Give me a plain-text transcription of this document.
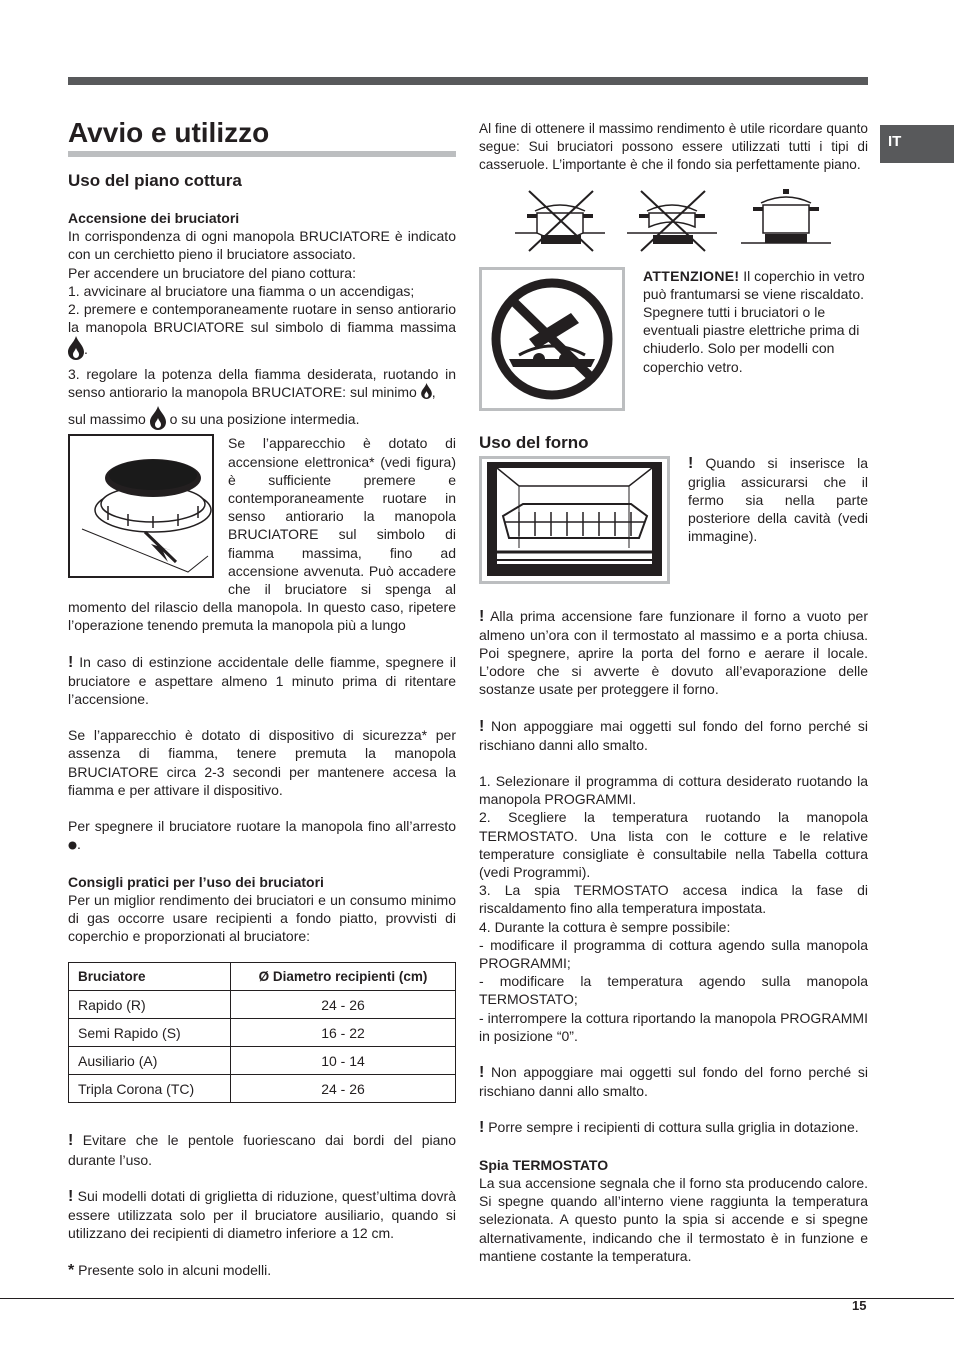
IT
Avvio e utilizzo
Uso del piano cottura

Accensione dei bruciatori

In corrispondenza di ogni manopola BRUCIATORE è indicato con un cerchietto pieno il bruciatore associato.

Per accendere un bruciatore del piano cottura:

1. avvicinare al bruciatore una fiamma o un accendigas;

2. premere e contemporaneamente ruotare in senso antiorario la manopola BRUCIATORE sul simbolo di fiamma massima .

3. regolare la potenza della fiamma desiderata, ruotando in senso antiorario la manopola BRUCIATORE: sul minimo ,

sul massimo o su una posizione intermedia.

Se l’apparecchio è dotato di accensione elettronica* (vedi figura) è sufficiente premere e contemporaneamente ruotare in senso antiorario la manopola BRUCIATORE sul simbolo di fiamma massima, fino ad accensione avvenuta. Può accadere che il bruciatore si spenga al momento del rilascio della manopola. In questo caso, ripetere l’operazione tenendo premuta la manopola più a lungo

! In caso di estinzione accidentale delle fiamme, spegnere il bruciatore e aspettare almeno 1 minuto prima di ritentare l’accensione.

Se l’apparecchio è dotato di dispositivo di sicurezza* per assenza di fiamma, tenere premuta la manopola BRUCIATORE circa 2-3 secondi per mantenere accesa la fiamma e per attivare il dispositivo.

Per spegnere il bruciatore ruotare la manopola fino all’arresto .

Consigli pratici per l’uso dei bruciatori

Per un miglior rendimento dei bruciatori e un consumo minimo di gas occorre usare recipienti a fondo piatto, provvisti di coperchio e proporzionati al bruciatore:

Bruciatore	Ø Diametro recipienti (cm)
Rapido (R)	24 - 26
Semi Rapido (S)	16 - 22
Ausiliario (A)	10 - 14
Tripla Corona (TC)	24 - 26

! Evitare che le pentole fuoriescano dai bordi del piano durante l’uso.

! Sui modelli dotati di griglietta di riduzione, quest’ultima dovrà essere utilizzata solo per il bruciatore ausiliario, quando si utilizzano dei recipienti di diametro inferiore a 12 cm.

* Presente solo in alcuni modelli.

Al fine di ottenere il massimo rendimento è utile ricordare quanto segue: Sui bruciatori possono essere utilizzati tutti i tipi di casseruole. L’importante è che il fondo sia perfettamente piano.

ATTENZIONE! Il coperchio in vetro può frantumarsi se viene riscaldato. Spegnere tutti i bruciatori o le eventuali piastre elettriche prima di chiuderlo. Solo per modelli con coperchio vetro.

Uso del forno

! Quando si inserisce la griglia assicurarsi che il fermo sia nella parte posteriore della cavità (vedi immagine).

! Alla prima accensione fare funzionare il forno a vuoto per almeno un’ora con il termostato al massimo e a porta chiusa. Poi spegnere, aprire la porta del forno e aerare il locale. L’odore che si avverte è dovuto all’evaporazione delle sostanze usate per proteggere il forno.

! Non appoggiare mai oggetti sul fondo del forno perché si rischiano danni allo smalto.

1. Selezionare il programma di cottura desiderato ruotando la manopola PROGRAMMI.

2. Scegliere la temperatura ruotando la manopola TERMOSTATO. Una lista con le cotture e le relative temperature consigliate è consultabile nella Tabella cottura (vedi Programmi).

3. La spia TERMOSTATO accesa indica la fase di riscaldamento fino alla temperatura impostata.

4. Durante la cottura è sempre possibile:

- modificare il programma di cottura agendo sulla manopola PROGRAMMI;

- modificare la temperatura agendo sulla manopola TERMOSTATO;

- interrompere la cottura riportando la manopola PROGRAMMI in posizione “0”.

! Non appoggiare mai oggetti sul fondo del forno perché si rischiano danni allo smalto.

! Porre sempre i recipienti di cottura sulla griglia in dotazione.

Spia TERMOSTATO

La sua accensione segnala che il forno sta producendo calore. Si spegne quando all’interno viene raggiunta la temperatura selezionata. A questo punto la spia si accende e si spegne alternativamente, indicando che il termostato è in funzione e mantiene costante la temperatura.

15
